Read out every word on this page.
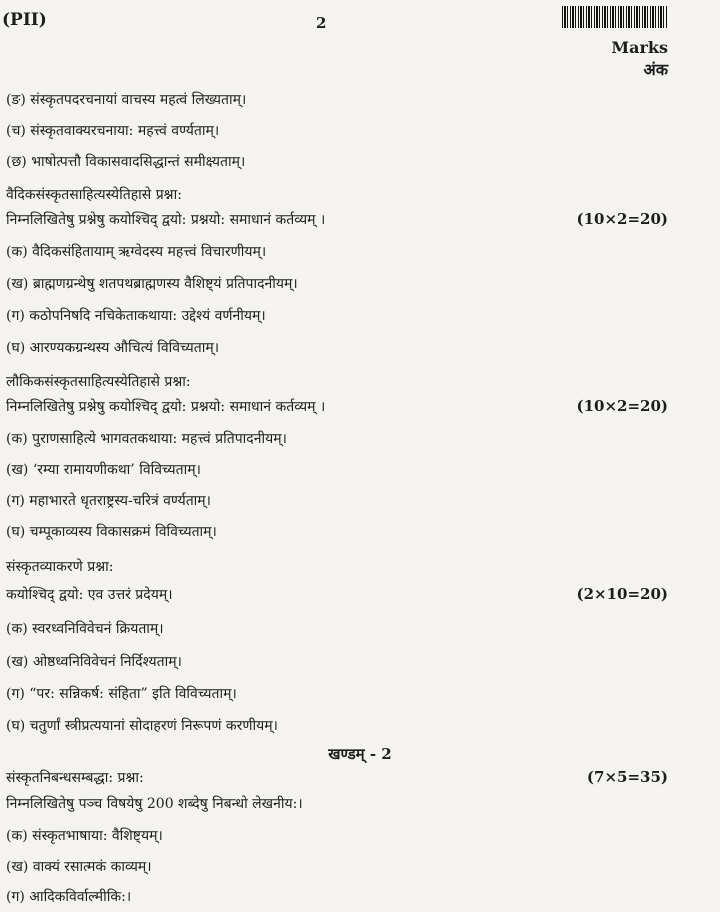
(PII)	2
Marks
अंक
(ङ) संस्कृतपदरचनायां वाचस्य महत्वं लिख्यताम्।
(च) संस्कृतवाक्यरचनाया: महत्त्वं वर्ण्यताम्।
(छ) भाषोत्पत्तौ विकासवादसिद्धान्तं समीक्ष्यताम्।
वैदिकसंस्कृतसाहित्यस्येतिहासे प्रश्ना:
निम्नलिखितेषु प्रश्नेषु कयोश्चिद् द्वयो: प्रश्नयो: समाधानं कर्तव्यम् ।	(10×2=20)
(क) वैदिकसंहितायाम् ऋग्वेदस्य महत्त्वं विचारणीयम्।
(ख) ब्राह्मणग्रन्थेषु शतपथब्राह्मणस्य वैशिष्ट्यं प्रतिपादनीयम्।
(ग) कठोपनिषदि नचिकेताकथाया: उद्देश्यं वर्णनीयम्।
(घ) आरण्यकग्रन्थस्य औचित्यं विविच्यताम्।
लौकिकसंस्कृतसाहित्यस्येतिहासे प्रश्ना:
निम्नलिखितेषु प्रश्नेषु कयोश्चिद् द्वयो: प्रश्नयो: समाधानं कर्तव्यम् ।	(10×2=20)
(क) पुराणसाहित्ये भागवतकथाया: महत्त्वं प्रतिपादनीयम्।
(ख) ‘रम्या रामायणीकथा’ विविच्यताम्।
(ग) महाभारते धृतराष्ट्रस्य-चरित्रं वर्ण्यताम्।
(घ) चम्पूकाव्यस्य विकासक्रमं विविच्यताम्।
संस्कृतव्याकरणे प्रश्ना:
कयोश्चिद् द्वयो: एव उत्तरं प्रदेयम्।	(2×10=20)
(क) स्वरध्वनिविवेचनं क्रियताम्।
(ख) ओष्ठध्वनिविवेचनं निर्दिश्यताम्।
(ग) “पर: सन्निकर्ष: संहिता” इति विविच्यताम्।
(घ) चतुर्णां स्त्रीप्रत्ययानां सोदाहरणं निरूपणं करणीयम्।
खण्डम् - 2
संस्कृतनिबन्धसम्बद्धा: प्रश्ना:	(7×5=35)
निम्नलिखितेषु पञ्च विषयेषु 200 शब्देषु निबन्धो लेखनीय:।
(क) संस्कृतभाषाया: वैशिष्ट्यम्।
(ख) वाक्यं रसात्मकं काव्यम्।
(ग) आदिकविर्वाल्मीकि:।
